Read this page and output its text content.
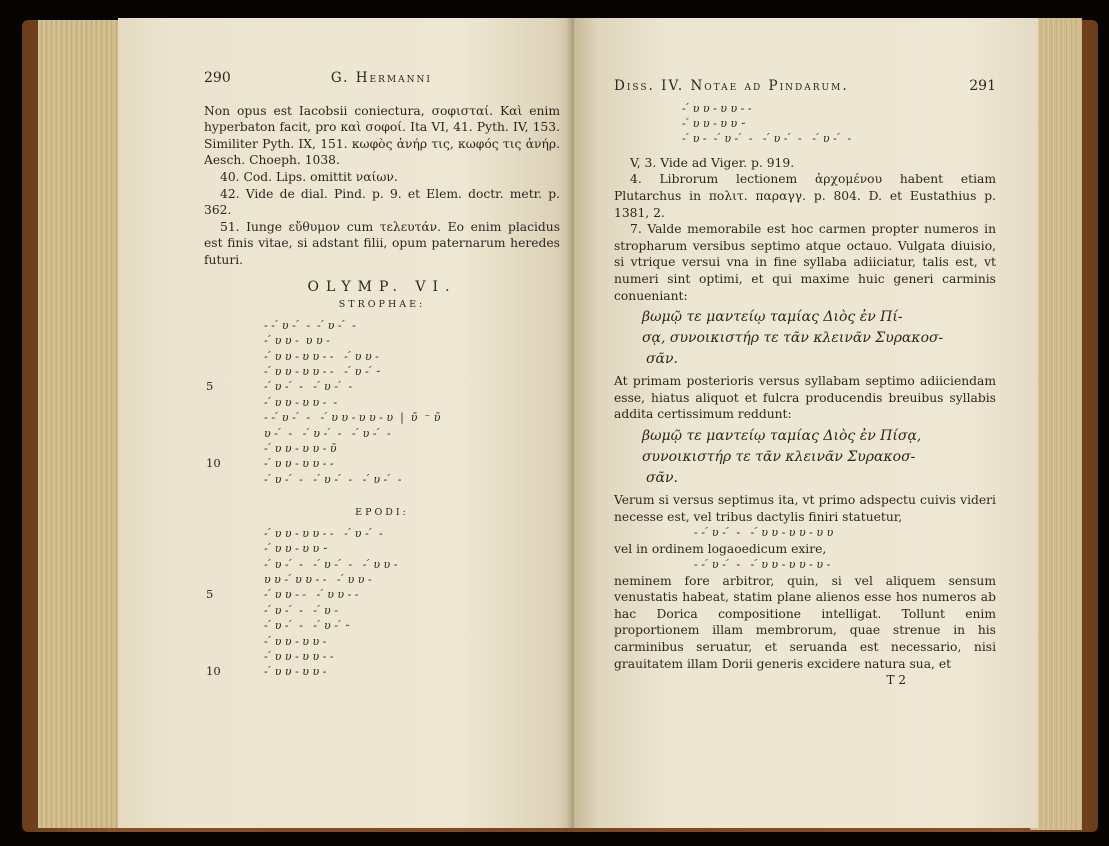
290	G. Hermanni

Non opus est Iacobsii coniectura, σοφισταί. Καὶ enim hyperbaton facit, pro καὶ σοφοί. Ita VI, 41. Pyth. IV, 153. Similiter Pyth. IX, 151. κωφὸς ἀνήρ τις, κωφός τις ἀνήρ. Aesch. Choeph. 1038.

40. Cod. Lips. omittit ναίων.

42. Vide de dial. Pind. p. 9. et Elem. doctr. metr. p. 362.

51. Iunge εὔθυμον cum τελευτάν. Eo enim placidus est finis vitae, si adstant filii, opum paternarum heredes futuri.

OLYMP. VI.
STROPHAE:
- - ́ υ - ́  -  - ́ υ - ́  -
- ́ υ υ -  υ υ -
- ́ υ υ - υ υ - -   - ́ υ υ -
- ́ υ υ - υ υ - -   - ́ υ - ́ ⏑
5	- ́ υ - ́  -   - ́ υ - ́  -
- ́ υ υ - υ υ -  -
- - ́ υ - ́  -   - ́ υ υ - υ υ - υ  |  ῡ  ⁻ ῡ
υ - ́  -   - ́ υ - ́  -   - ́ υ - ́  -
- ́ υ υ - υ υ - ῡ
10	- ́ υ υ - υ υ - -
- ́ υ - ́  -   - ́ υ - ́  -   - ́ υ - ́  -
EPODI:
- ́ υ υ - υ υ - -   - ́ υ - ́  -
- ́ υ υ - υ υ ⏑
- ́ υ - ́  -   - ́ υ - ́  -   - ́ υ υ -
υ υ - ́ υ υ - -   - ́ υ υ -
5	- ́ υ υ - -   - ́ υ υ - -
- ́ υ - ́  -   - ́ υ -
- ́ υ - ́  -   - ́ υ - ́ ⏑
- ́ υ υ - υ υ -
- ́ υ υ - υ υ - -
10	- ́ υ υ - υ υ -
Diss. IV. Notae ad Pindarum.	291
- ́ υ υ - υ υ - -
- ́ υ υ - υ υ ⏑
- ́ υ -  - ́ υ - ́  -   - ́ υ - ́  -   - ́ υ - ́  -

V, 3. Vide ad Viger. p. 919.

4. Librorum lectionem ἀρχομένου habent etiam Plutarchus in πολιτ. παραγγ. p. 804. D. et Eustathius p. 1381, 2.

7. Valde memorabile est hoc carmen propter numeros in stropharum versibus septimo atque octauo. Vulgata diuisio, si vtrique versui vna in fine syllaba adiiciatur, talis est, vt numeri sint optimi, et qui maxime huic generi carminis conueniant:

βωμῷ τε μαντείῳ ταμίας Διὸς ἐν Πί-
σᾳ, συνοικιστήρ τε τᾶν κλεινᾶν Συρακοσ-
σᾶν.

At primam posterioris versus syllabam septimo adiiciendam esse, hiatus aliquot et fulcra producendis breuibus syllabis addita certissimum reddunt:

βωμῷ τε μαντείῳ ταμίας Διὸς ἐν Πίσᾳ,
συνοικιστήρ τε τᾶν κλεινᾶν Συρακοσ-
σᾶν.

Verum si versus septimus ita, vt primo adspectu cuivis videri necesse est, vel tribus dactylis finiri statuetur,

- - ́ υ - ́  -   - ́ υ υ - υ υ - υ υ

vel in ordinem logaoedicum exire,

- - ́ υ - ́  -   - ́ υ υ - υ υ - υ -

neminem fore arbitror, quin, si vel aliquem sensum venustatis habeat, statim plane alienos esse hos numeros ab hac Dorica compositione intelligat. Tollunt enim proportionem illam membrorum, quae strenue in his carminibus seruatur, et seruanda est necessario, nisi grauitatem illam Dorii generis excidere natura sua, et

T 2
